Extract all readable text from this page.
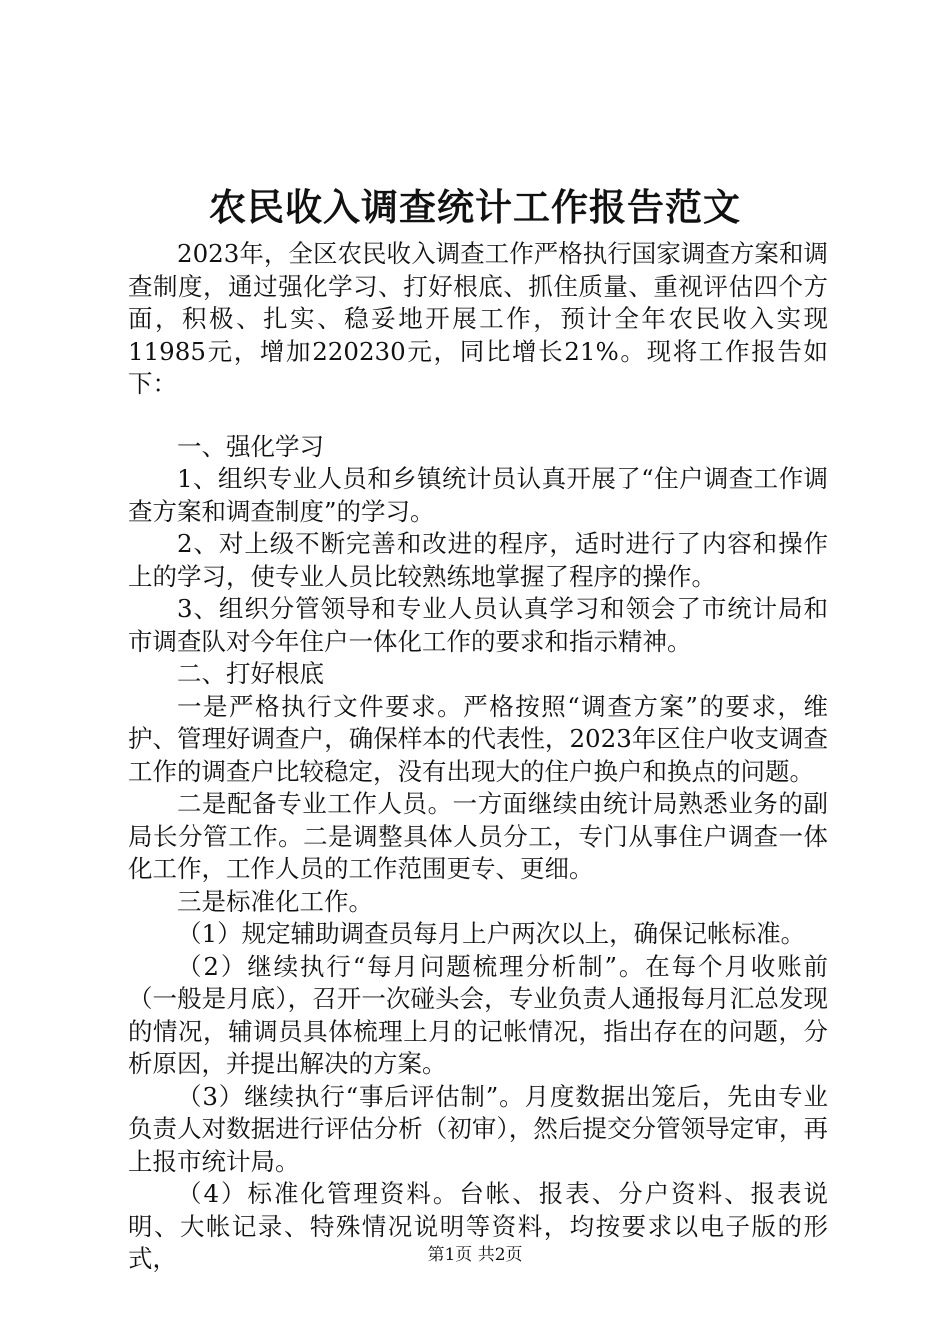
农民收入调查统计工作报告范文

2023年，全区农民收入调查工作严格执行国家调查方案和调查制度，通过强化学习、打好根底、抓住质量、重视评估四个方面，积极、扎实、稳妥地开展工作，预计全年农民收入实现11985元，增加220230元，同比增长21%。现将工作报告如下：

一、强化学习

1、组织专业人员和乡镇统计员认真开展了“住户调查工作调查方案和调查制度”的学习。

2、对上级不断完善和改进的程序，适时进行了内容和操作上的学习，使专业人员比较熟练地掌握了程序的操作。

3、组织分管领导和专业人员认真学习和领会了市统计局和市调查队对今年住户一体化工作的要求和指示精神。

二、打好根底

一是严格执行文件要求。严格按照“调查方案”的要求，维护、管理好调查户，确保样本的代表性，2023年区住户收支调查工作的调查户比较稳定，没有出现大的住户换户和换点的问题。

二是配备专业工作人员。一方面继续由统计局熟悉业务的副局长分管工作。二是调整具体人员分工，专门从事住户调查一体化工作，工作人员的工作范围更专、更细。

三是标准化工作。

（1）规定辅助调查员每月上户两次以上，确保记帐标准。

（2）继续执行“每月问题梳理分析制”。在每个月收账前（一般是月底），召开一次碰头会，专业负责人通报每月汇总发现的情况，辅调员具体梳理上月的记帐情况，指出存在的问题，分析原因，并提出解决的方案。

（3）继续执行“事后评估制”。月度数据出笼后，先由专业负责人对数据进行评估分析（初审），然后提交分管领导定审，再上报市统计局。

（4）标准化管理资料。台帐、报表、分户资料、报表说明、大帐记录、特殊情况说明等资料，均按要求以电子版的形式，	第1页 共2页
